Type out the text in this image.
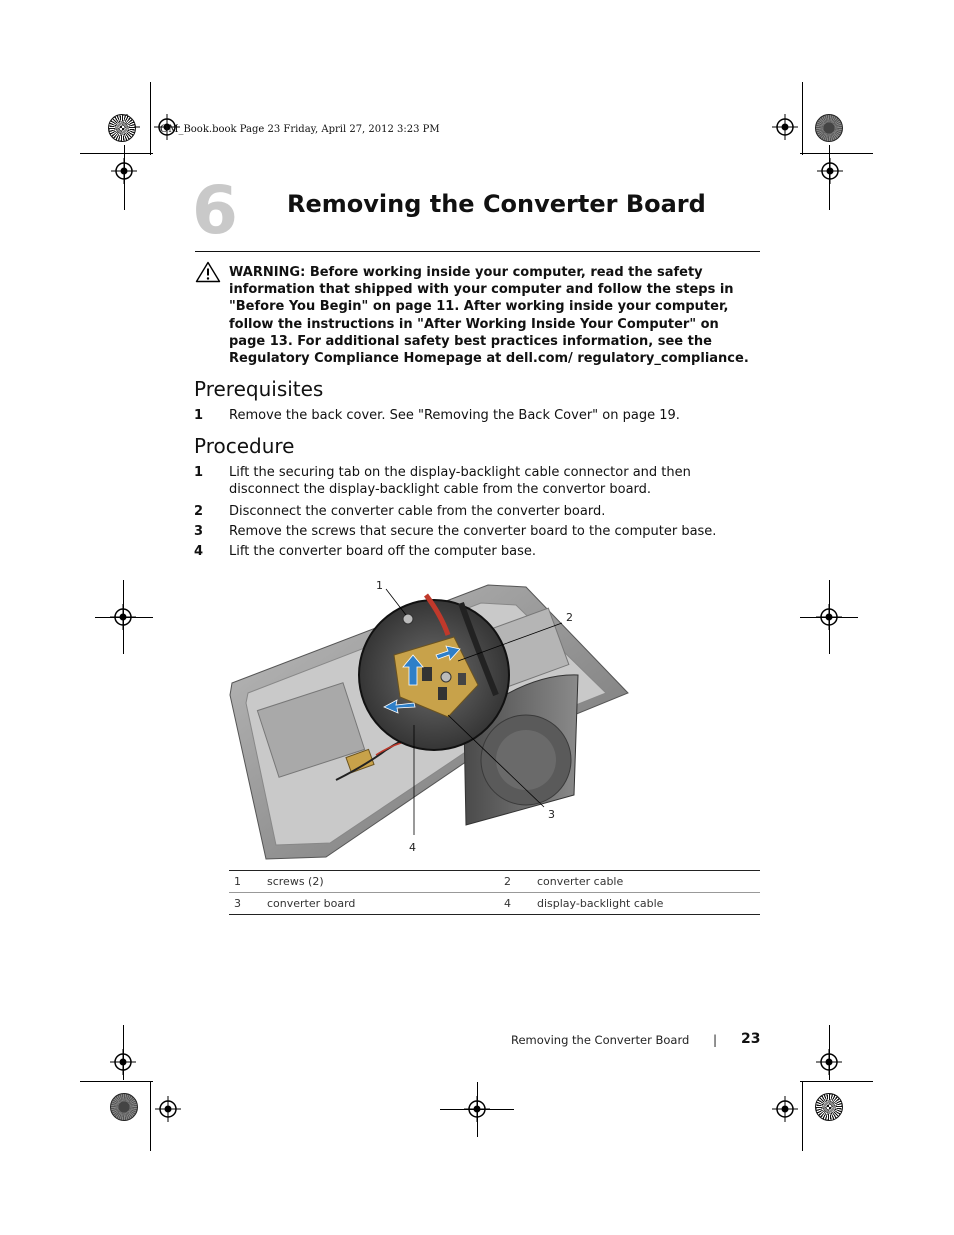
OM_Book.book Page 23 Friday, April 27, 2012 3:23 PM
6 Removing the Converter Board
WARNING: Before working inside your computer, read the safety information that shipped with your computer and follow the steps in "Before You Begin" on page 11. After working inside your computer, follow the instructions in "After Working Inside Your Computer" on page 13. For additional safety best practices information, see the Regulatory Compliance Homepage at dell.com/ regulatory_compliance.
Prerequisites
1 Remove the back cover. See "Removing the Back Cover" on page 19.
Procedure
1 Lift the securing tab on the display-backlight cable connector and then disconnect the display-backlight cable from the convertor board.
2 Disconnect the converter cable from the converter board.
3 Remove the screws that secure the converter board to the computer base.
4 Lift the converter board off the computer base.
1
2
3
4
1	screws (2)	2	converter cable
3	converter board	4	display-backlight cable
Removing the Converter Board | 23
